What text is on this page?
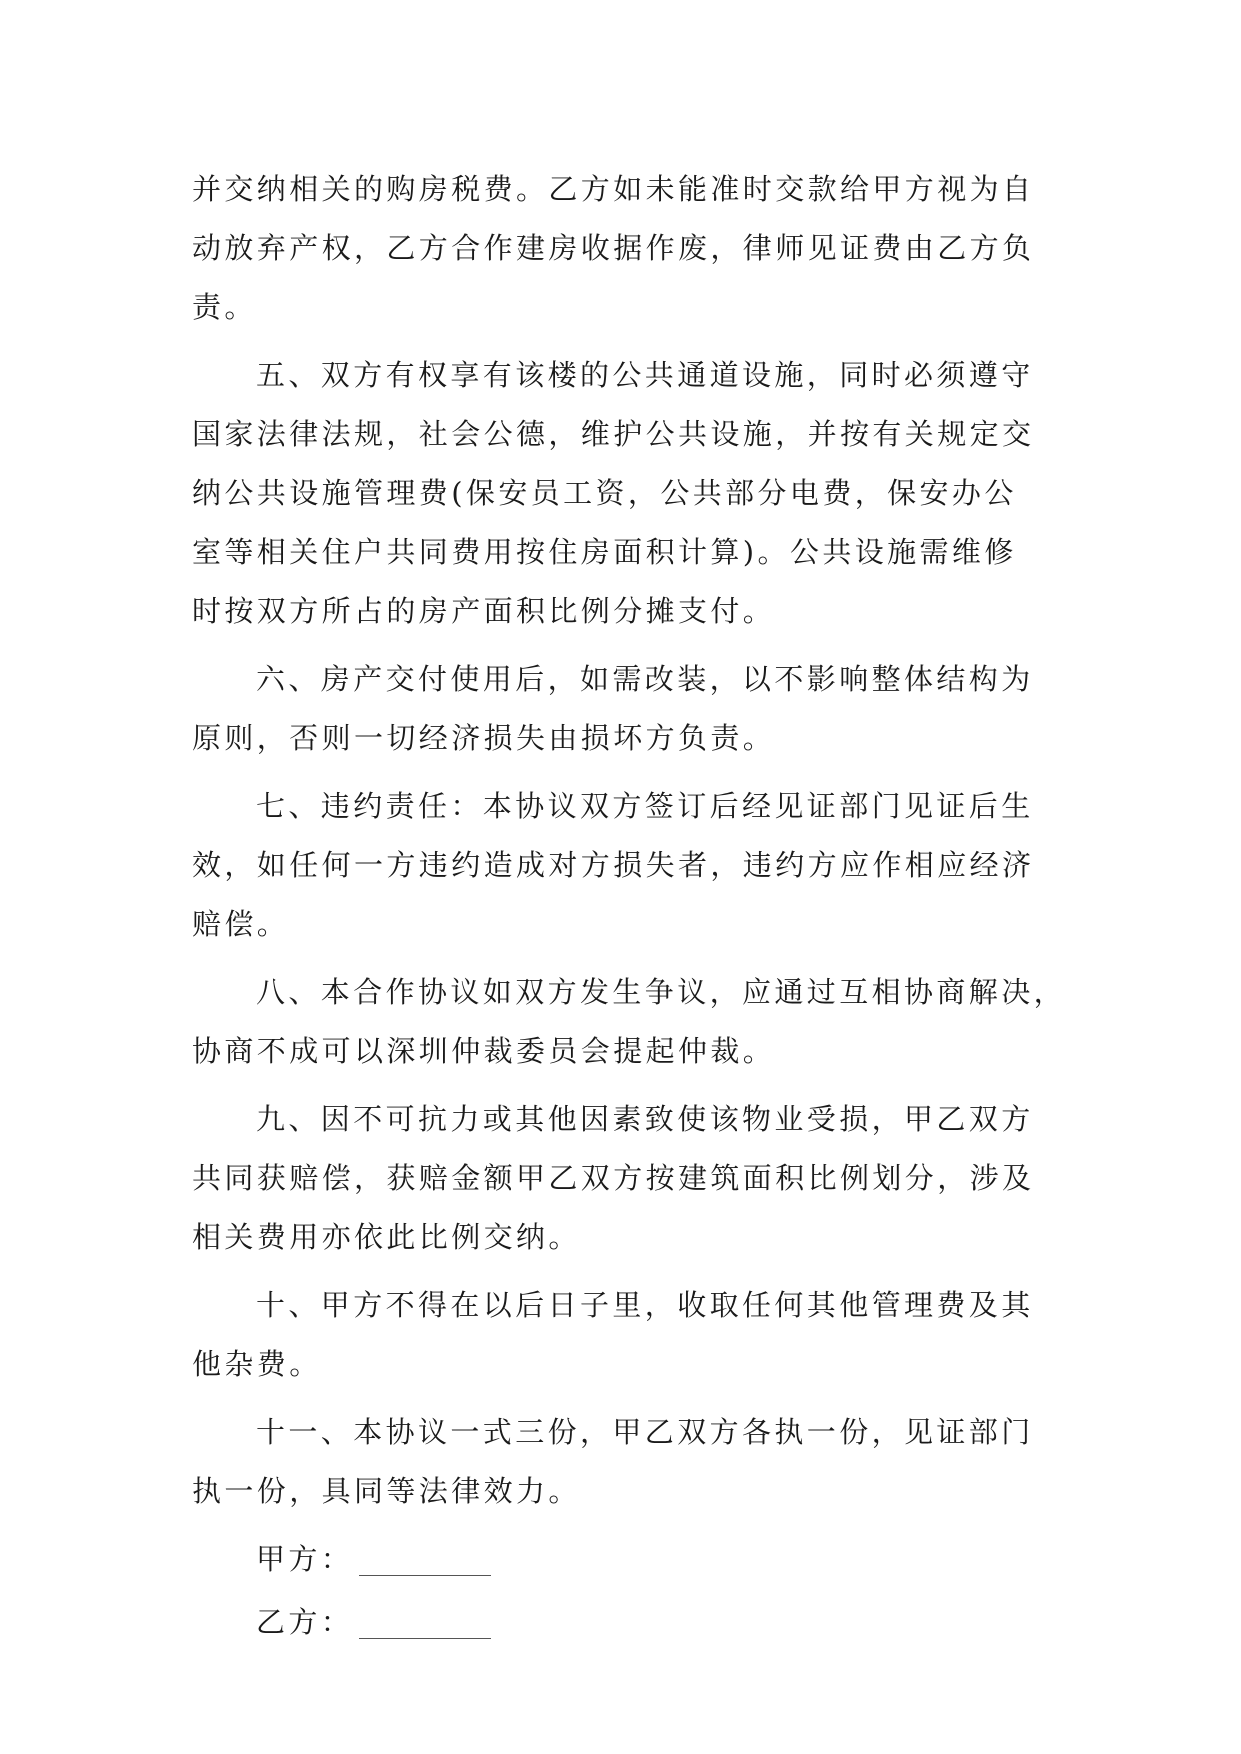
并交纳相关的购房税费。乙方如未能准时交款给甲方视为自
动放弃产权，乙方合作建房收据作废，律师见证费由乙方负
责。

五、双方有权享有该楼的公共通道设施，同时必须遵守
国家法律法规，社会公德，维护公共设施，并按有关规定交
纳公共设施管理费(保安员工资，公共部分电费，保安办公
室等相关住户共同费用按住房面积计算)。公共设施需维修
时按双方所占的房产面积比例分摊支付。

六、房产交付使用后，如需改装，以不影响整体结构为
原则，否则一切经济损失由损坏方负责。

七、违约责任：本协议双方签订后经见证部门见证后生
效，如任何一方违约造成对方损失者，违约方应作相应经济
赔偿。

八、本合作协议如双方发生争议，应通过互相协商解决，
协商不成可以深圳仲裁委员会提起仲裁。

九、因不可抗力或其他因素致使该物业受损，甲乙双方
共同获赔偿，获赔金额甲乙双方按建筑面积比例划分，涉及
相关费用亦依此比例交纳。

十、甲方不得在以后日子里，收取任何其他管理费及其
他杂费。

十一、本协议一式三份，甲乙双方各执一份，见证部门
执一份，具同等法律效力。

甲方：
乙方：
